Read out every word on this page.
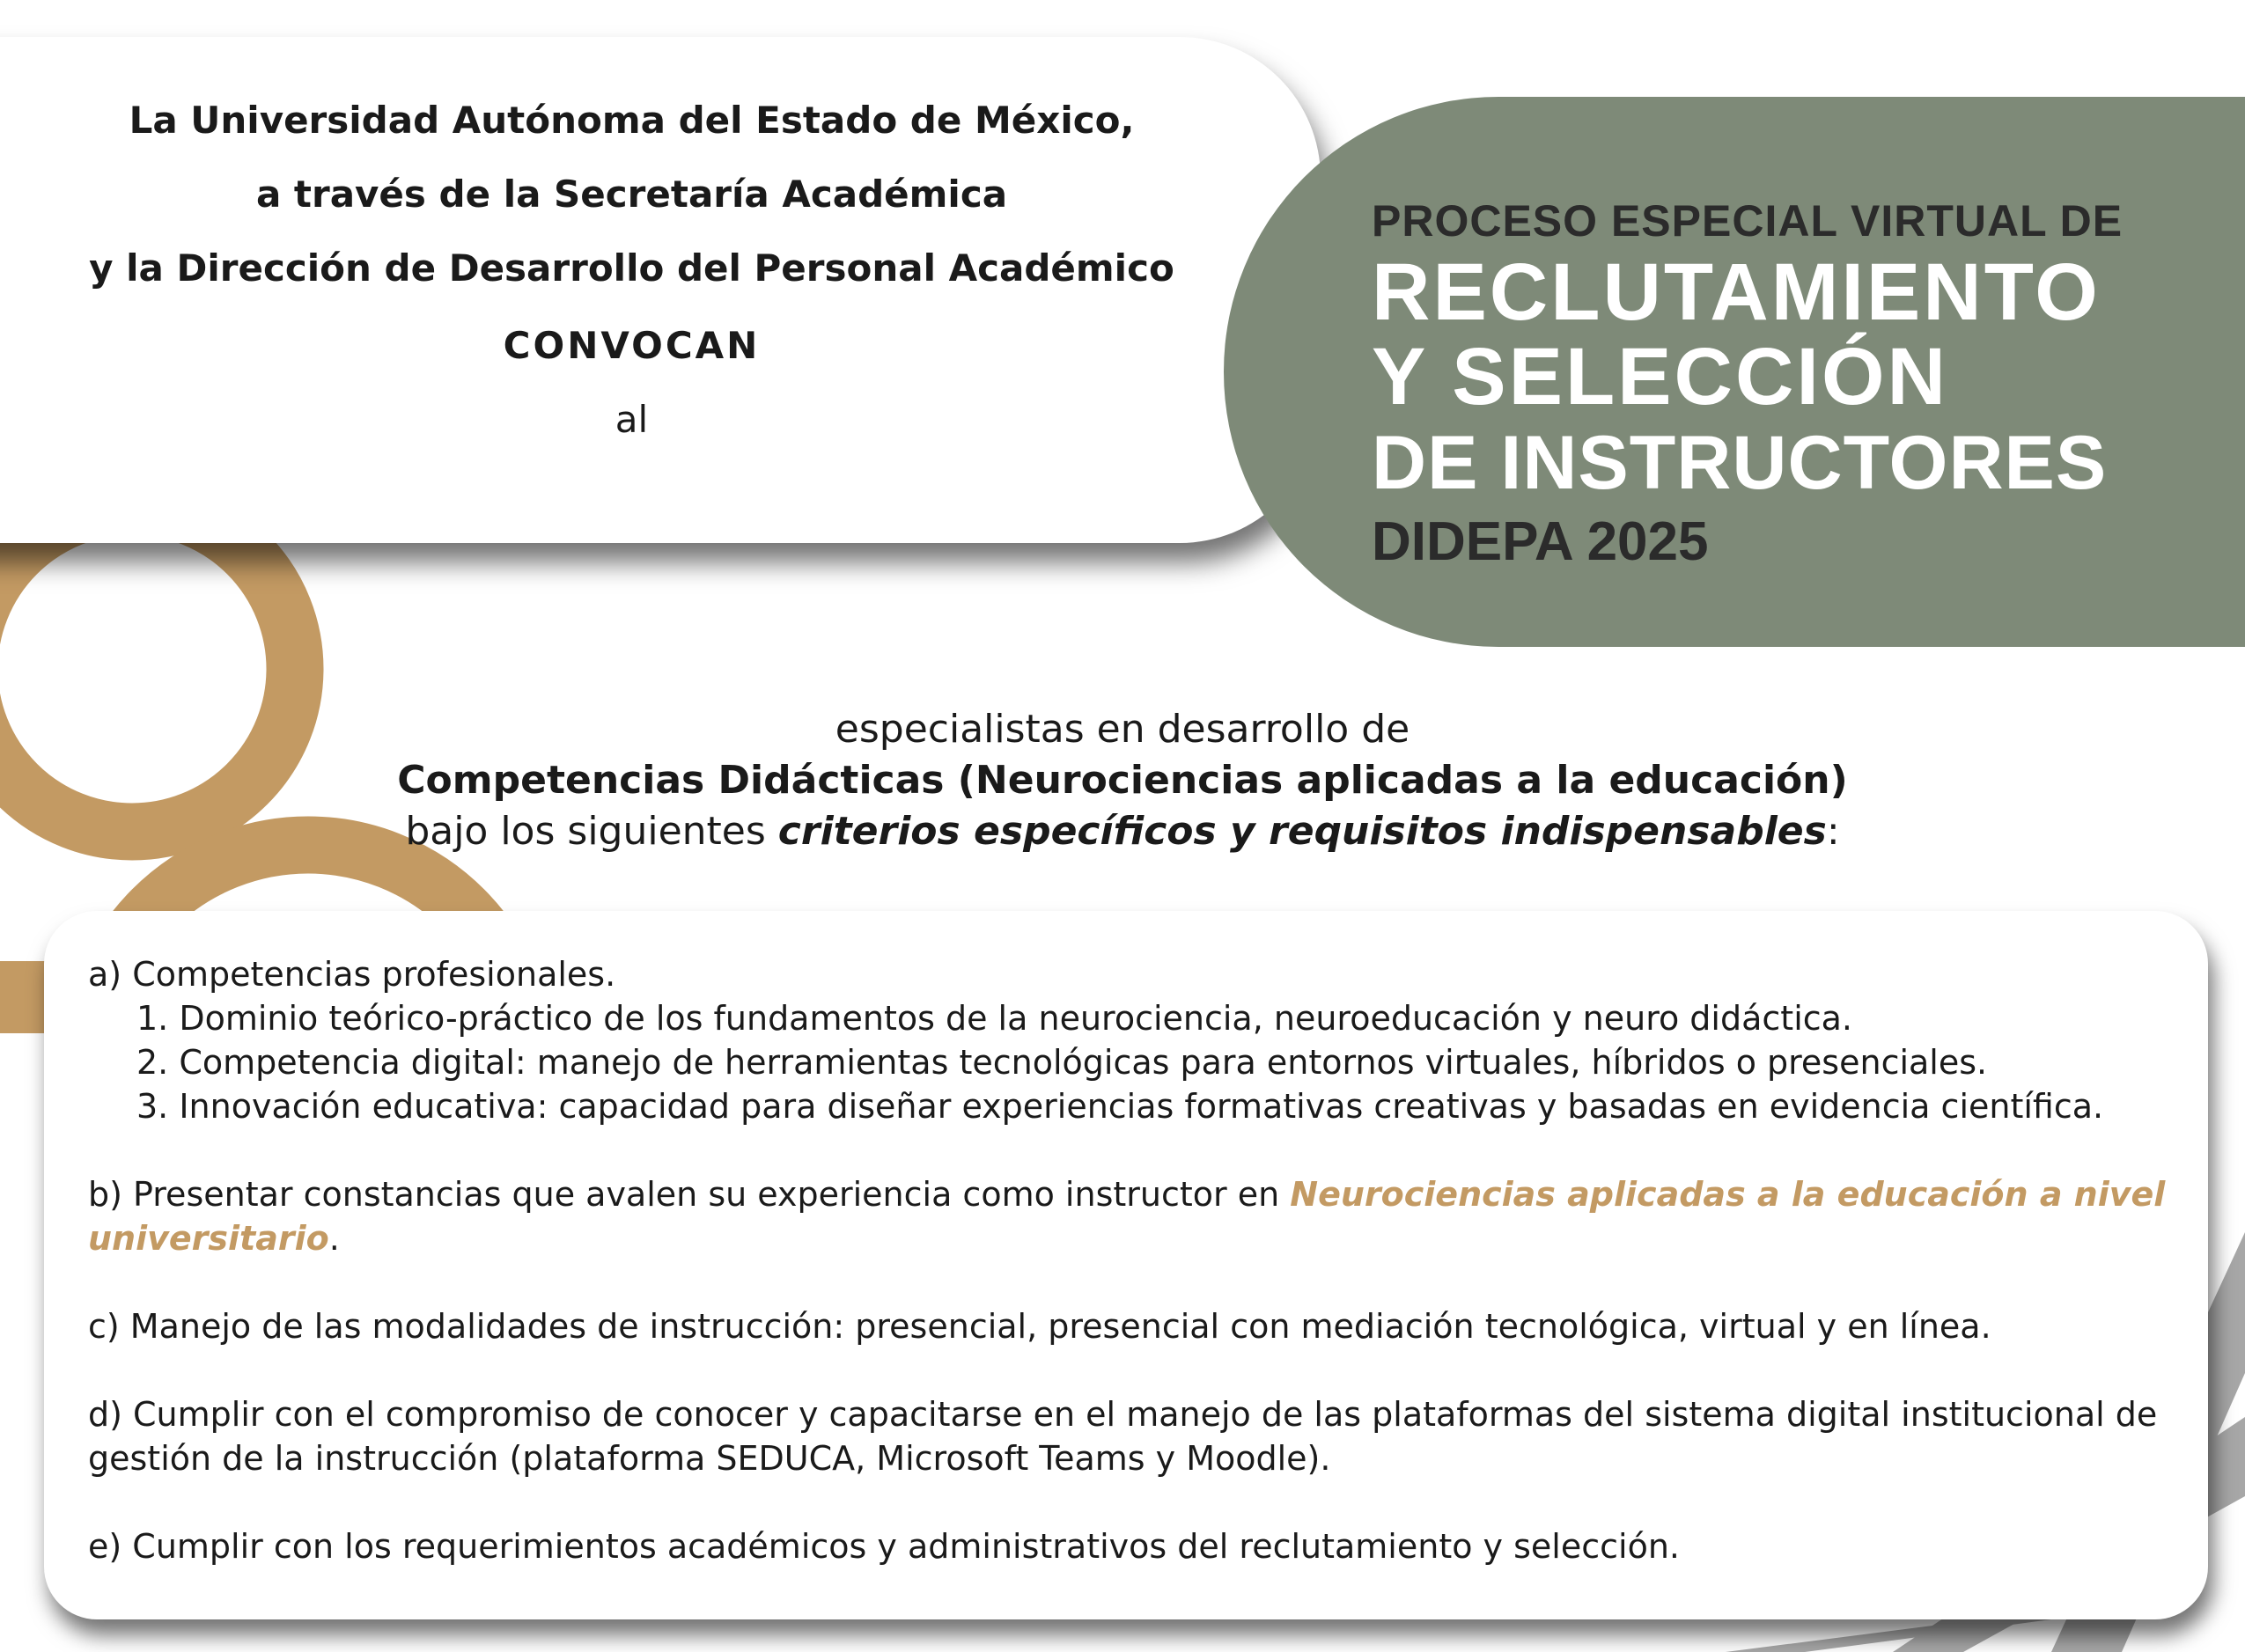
La Universidad Autónoma del Estado de México,

a través de la Secretaría Académica

y la Dirección de Desarrollo del Personal Académico

CONVOCAN

al

PROCESO ESPECIAL VIRTUAL DE
RECLUTAMIENTO
Y SELECCIÓN
DE INSTRUCTORES
DIDEPA 2025

especialistas en desarrollo de

Competencias Didácticas (Neurociencias aplicadas a la educación)

bajo los siguientes criterios específicos y requisitos indispensables:

a) Competencias profesionales.

1. Dominio teórico-práctico de los fundamentos de la neurociencia, neuroeducación y neuro didáctica.

2. Competencia digital: manejo de herramientas tecnológicas para entornos virtuales, híbridos o presenciales.

3. Innovación educativa: capacidad para diseñar experiencias formativas creativas y basadas en evidencia científica.

b) Presentar constancias que avalen su experiencia como instructor en Neurociencias aplicadas a la educación a nivel universitario.

c) Manejo de las modalidades de instrucción: presencial, presencial con mediación tecnológica, virtual y en línea.

d) Cumplir con el compromiso de conocer y capacitarse en el manejo de las plataformas del sistema digital institucional de gestión de la instrucción (plataforma SEDUCA, Microsoft Teams y Moodle).

e) Cumplir con los requerimientos académicos y administrativos del reclutamiento y selección.
